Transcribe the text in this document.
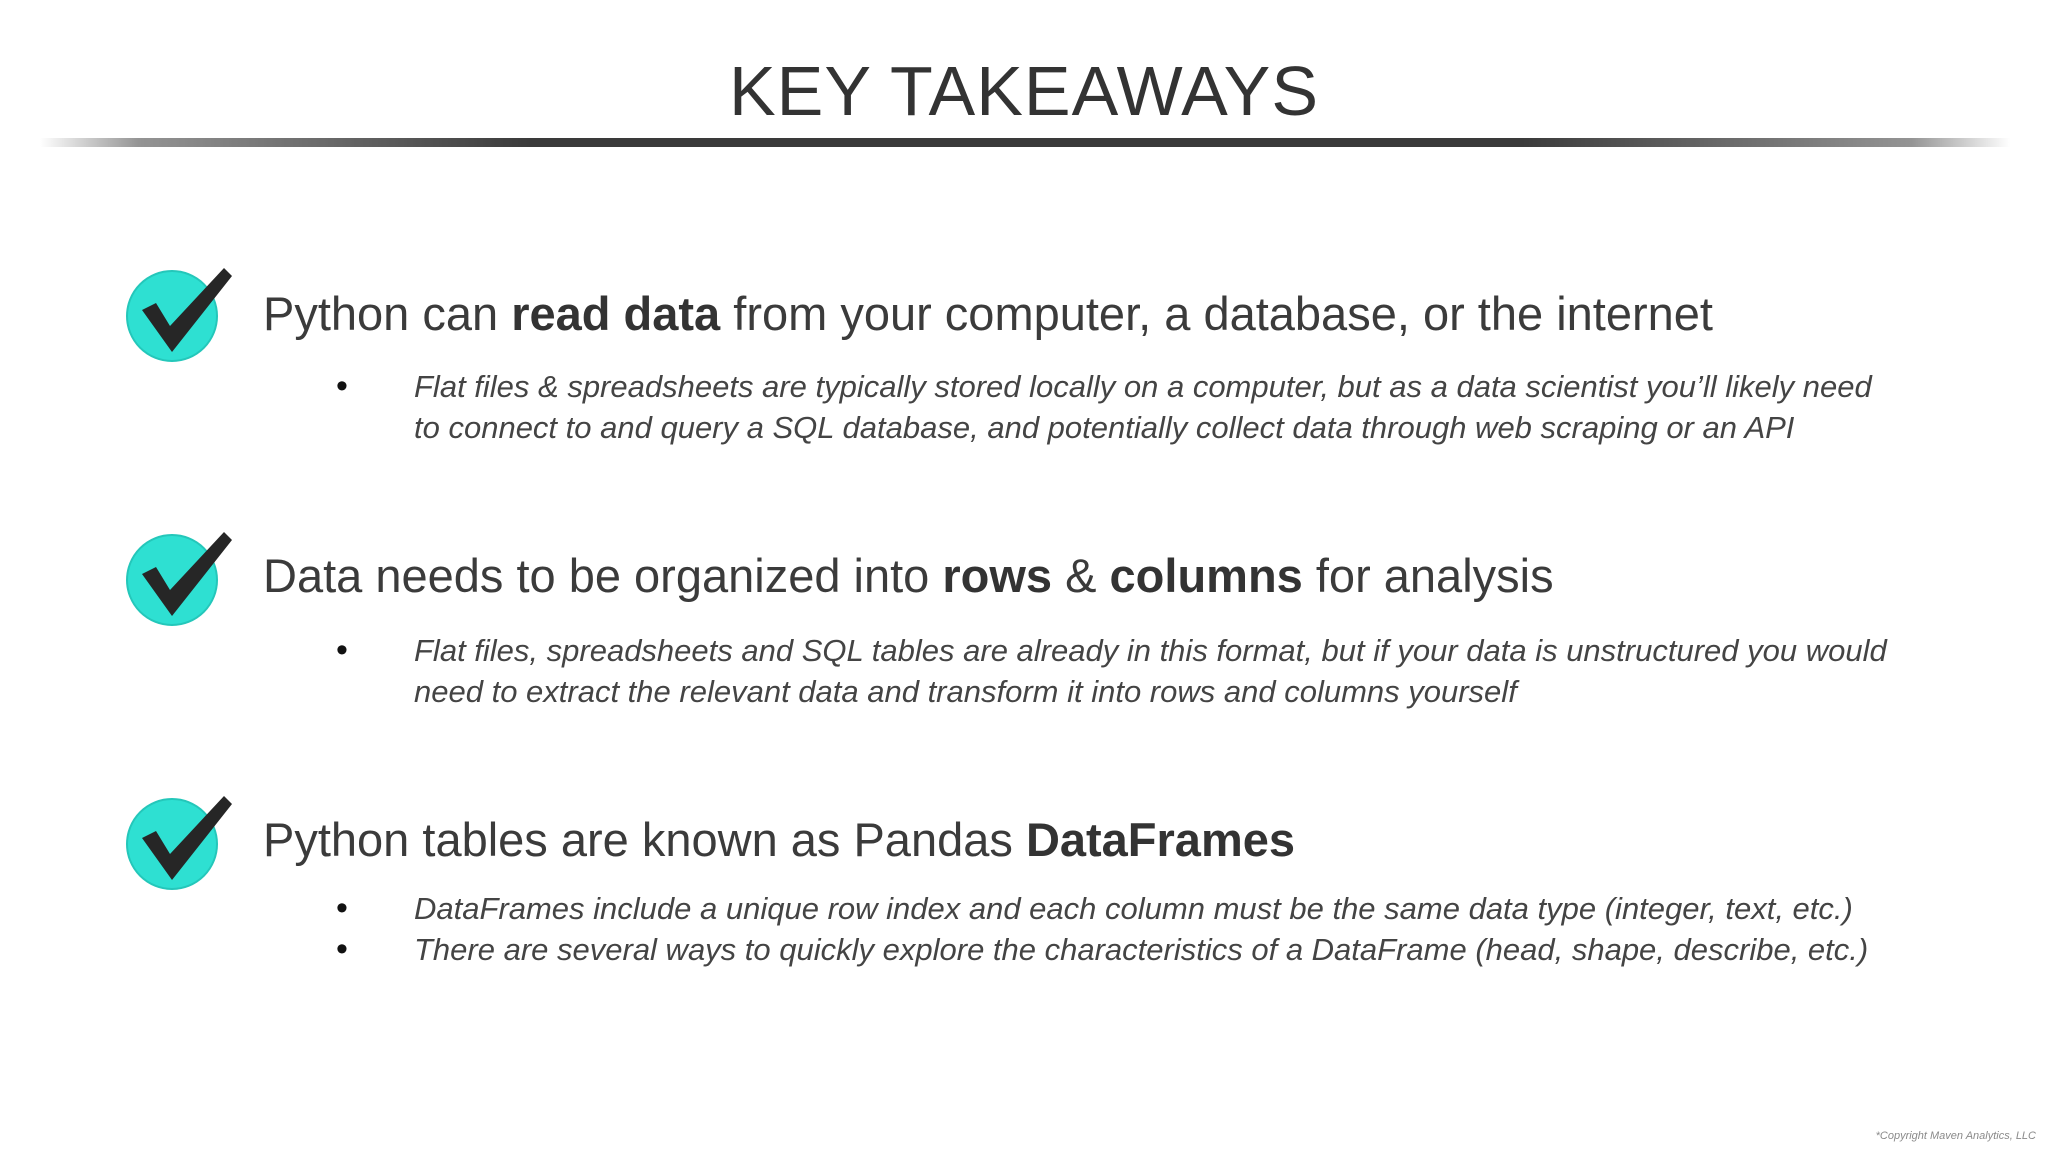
KEY TAKEAWAYS
Python can read data from your computer, a database, or the internet
• Flat files & spreadsheets are typically stored locally on a computer, but as a data scientist you’ll likely need to connect to and query a SQL database, and potentially collect data through web scraping or an API
Data needs to be organized into rows & columns for analysis
• Flat files, spreadsheets and SQL tables are already in this format, but if your data is unstructured you would need to extract the relevant data and transform it into rows and columns yourself
Python tables are known as Pandas DataFrames
• DataFrames include a unique row index and each column must be the same data type (integer, text, etc.)
• There are several ways to quickly explore the characteristics of a DataFrame (head, shape, describe, etc.)
*Copyright Maven Analytics, LLC
